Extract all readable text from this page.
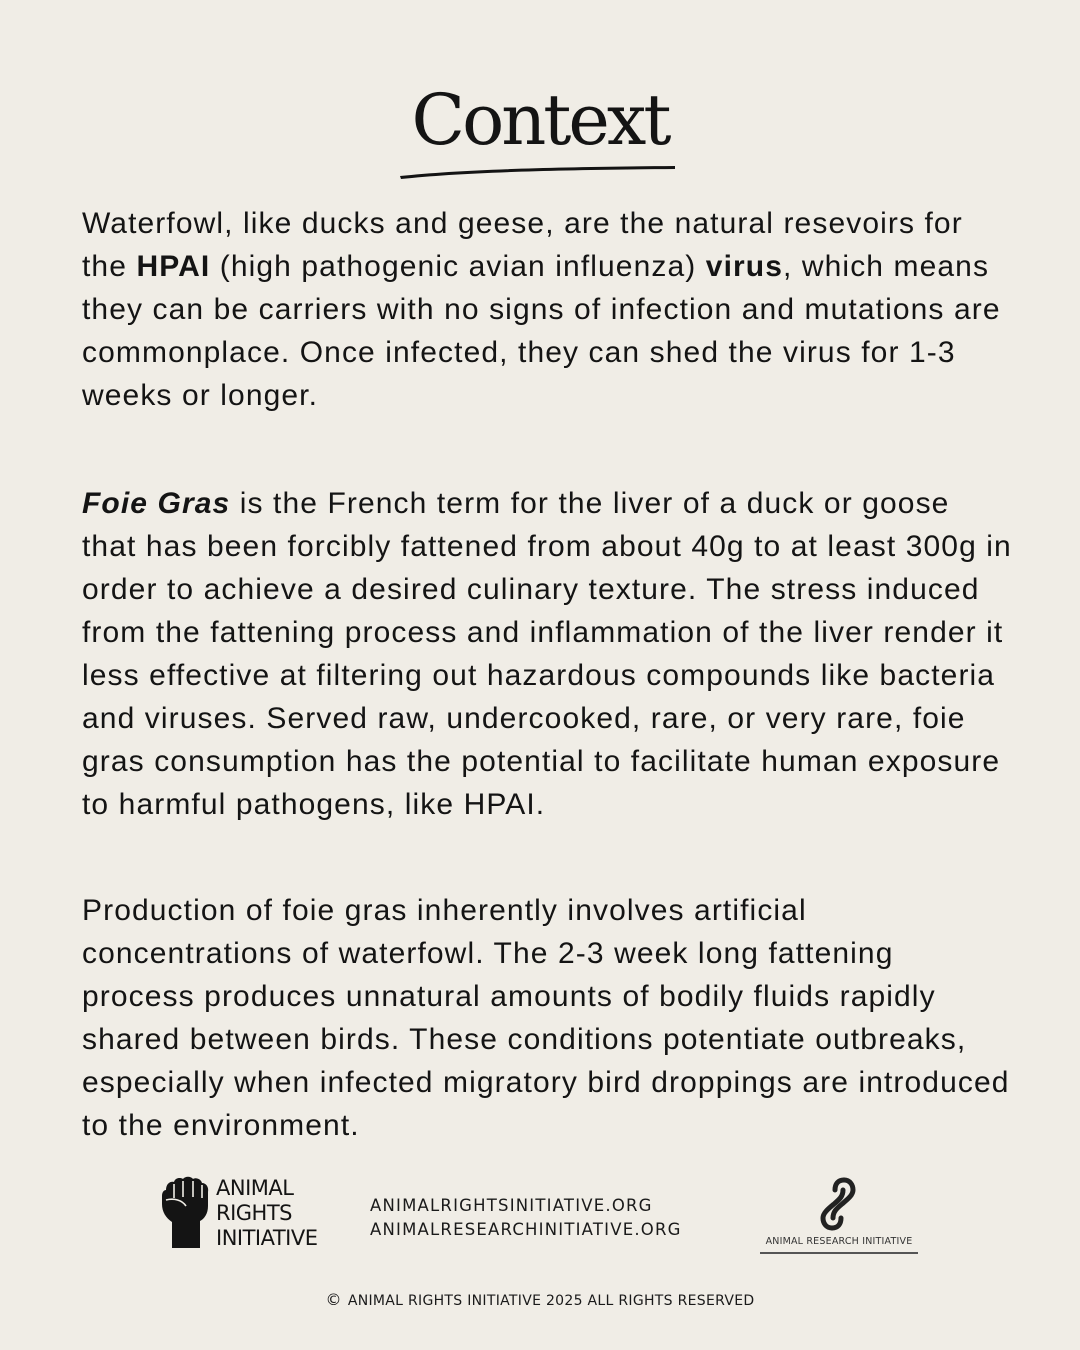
Context

Waterfowl, like ducks and geese, are the natural resevoirs for the HPAI (high pathogenic avian influenza) virus, which means they can be carriers with no signs of infection and mutations are commonplace. Once infected, they can shed the virus for 1-3 weeks or longer.

Foie Gras is the French term for the liver of a duck or goose that has been forcibly fattened from about 40g to at least 300g in order to achieve a desired culinary texture. The stress induced from the fattening process and inflammation of the liver render it less effective at filtering out hazardous compounds like bacteria and viruses. Served raw, undercooked, rare, or very rare, foie gras consumption has the potential to facilitate human exposure to harmful pathogens, like HPAI.

Production of foie gras inherently involves artificial concentrations of waterfowl. The 2-3 week long fattening process produces unnatural amounts of bodily fluids rapidly shared between birds. These conditions potentiate outbreaks, especially when infected migratory bird droppings are introduced to the environment.

ANIMAL
RIGHTS
INITIATIVE
ANIMALRIGHTSINITIATIVE.ORG
ANIMALRESEARCHINITIATIVE.ORG
ANIMAL RESEARCH INITIATIVE
© ANIMAL RIGHTS INITIATIVE 2025 ALL RIGHTS RESERVED
